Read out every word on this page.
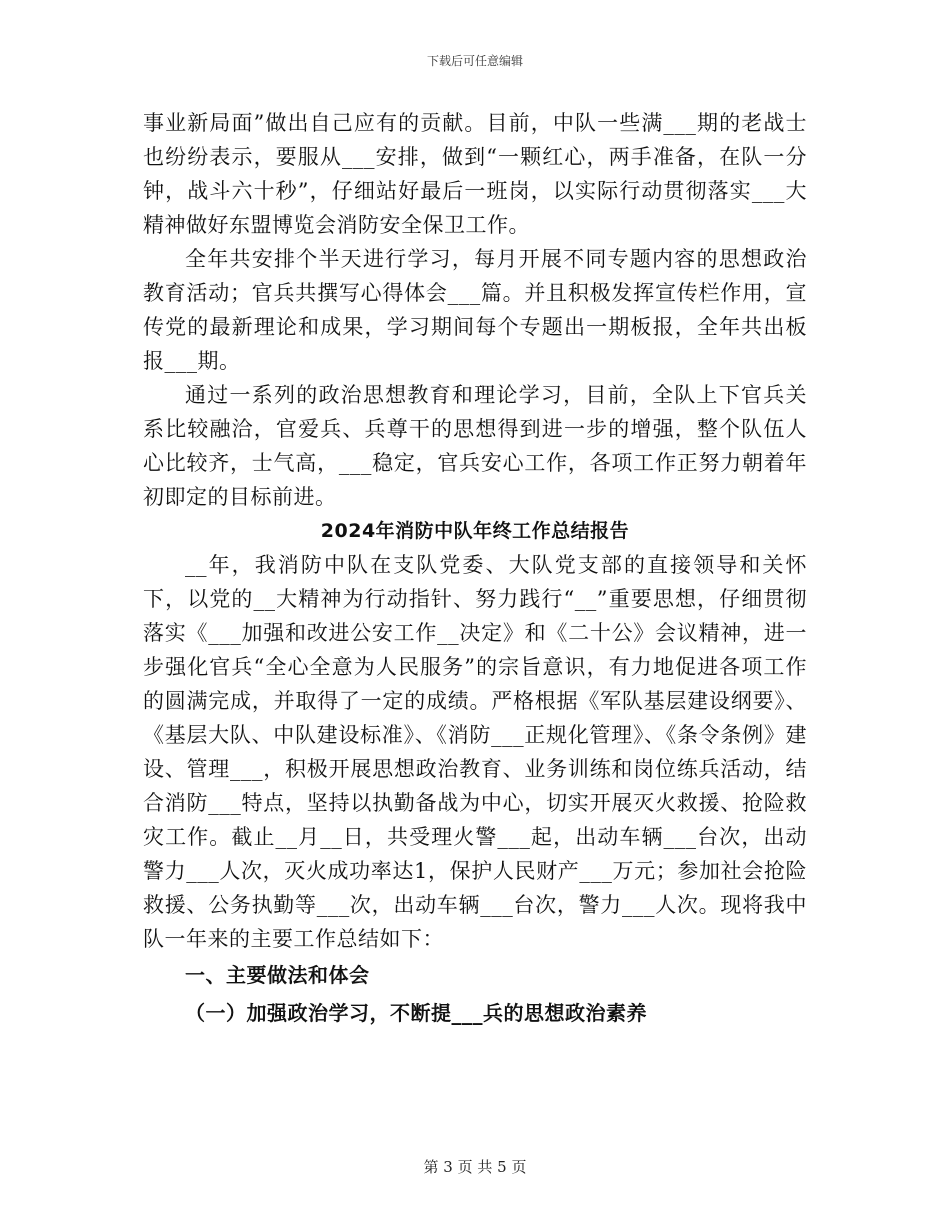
下载后可任意编辑

事业新局面”做出自己应有的贡献。目前，中队一些满___期的老战士也纷纷表示，要服从___安排，做到“一颗红心，两手准备，在队一分钟，战斗六十秒”，仔细站好最后一班岗，以实际行动贯彻落实___大精神做好东盟博览会消防安全保卫工作。

全年共安排个半天进行学习，每月开展不同专题内容的思想政治教育活动；官兵共撰写心得体会___篇。并且积极发挥宣传栏作用，宣传党的最新理论和成果，学习期间每个专题出一期板报，全年共出板报___期。

通过一系列的政治思想教育和理论学习，目前，全队上下官兵关系比较融洽，官爱兵、兵尊干的思想得到进一步的增强，整个队伍人心比较齐，士气高，___稳定，官兵安心工作，各项工作正努力朝着年初即定的目标前进。

2024年消防中队年终工作总结报告

__年，我消防中队在支队党委、大队党支部的直接领导和关怀下，以党的__大精神为行动指针、努力践行“__”重要思想，仔细贯彻落实《___加强和改进公安工作__决定》和《二十公》会议精神，进一步强化官兵“全心全意为人民服务”的宗旨意识，有力地促进各项工作的圆满完成，并取得了一定的成绩。严格根据《军队基层建设纲要》、《基层大队、中队建设标准》、《消防___正规化管理》、《条令条例》建设、管理___，积极开展思想政治教育、业务训练和岗位练兵活动，结合消防___特点，坚持以执勤备战为中心，切实开展灭火救援、抢险救灾工作。截止__月__日，共受理火警___起，出动车辆___台次，出动警力___人次，灭火成功率达1，保护人民财产___万元；参加社会抢险救援、公务执勤等___次，出动车辆___台次，警力___人次。现将我中队一年来的主要工作总结如下：

一、主要做法和体会

（一）加强政治学习，不断提___兵的思想政治素养

第 3 页 共 5 页
